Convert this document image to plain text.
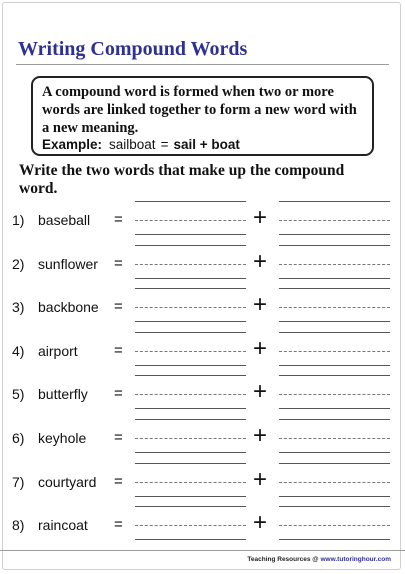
Writing Compound Words
A compound word is formed when two or more words are linked together to form a new word with a new meaning.
Example: sailboat = sail + boat
Write the two words that make up the compound word.
1) baseball =	+
2) sunflower =	+
3) backbone =	+
4) airport =	+
5) butterfly =	+
6) keyhole =	+
7) courtyard =	+
8) raincoat =	+
Teaching Resources @ www.tutoringhour.com
